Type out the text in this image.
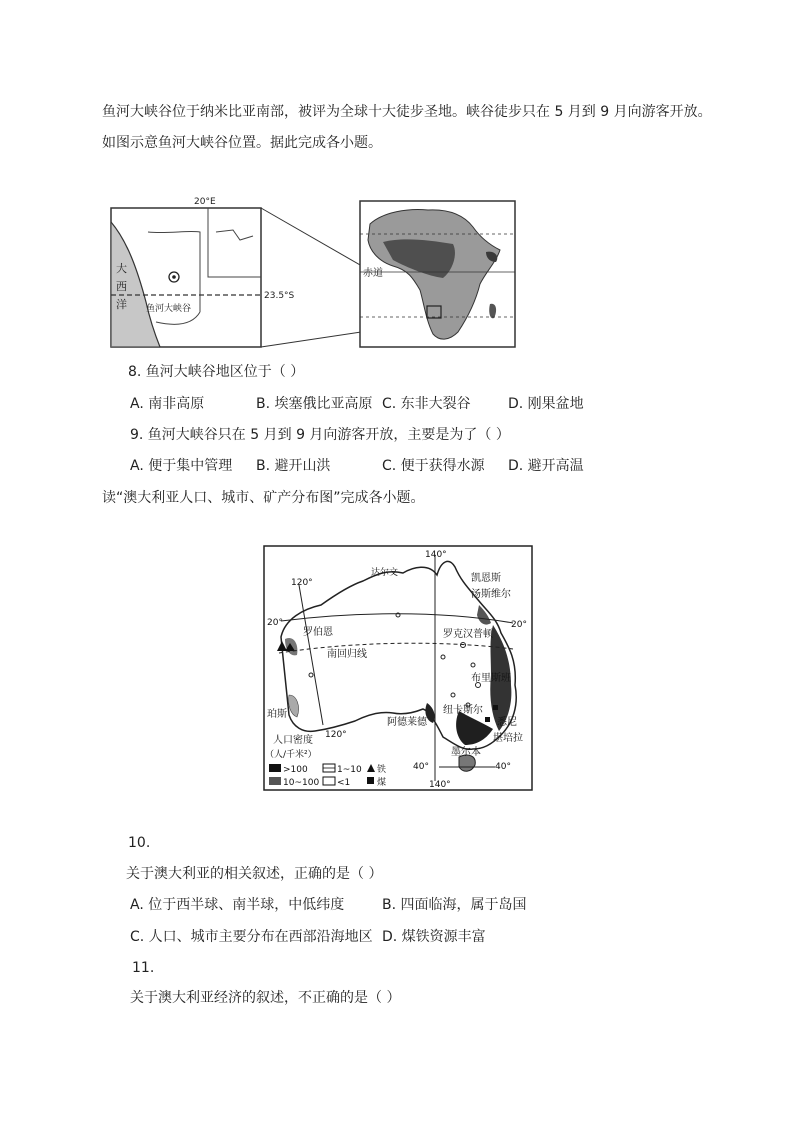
鱼河大峡谷位于纳米比亚南部，被评为全球十大徒步圣地。峡谷徒步只在 5 月到 9 月向游客开放。
如图示意鱼河大峡谷位置。据此完成各小题。
20°E
大
西
洋
23.5°S
鱼河大峡谷
赤道
8. 鱼河大峡谷地区位于（ ）
A. 南非高原	B. 埃塞俄比亚高原 C. 东非大裂谷	D. 刚果盆地
9. 鱼河大峡谷只在 5 月到 9 月向游客开放，主要是为了（ ）
A. 便于集中管理 B. 避开山洪	C. 便于获得水源 D. 避开高温
读“澳大利亚人口、城市、矿产分布图”完成各小题。
120°
140°
20°	20°
达尔文	凯恩斯
汤斯维尔
罗克汉普顿
罗伯恩
南回归线
布里斯班
珀斯
阿德莱德
纽卡斯尔
悉尼
堪培拉
墨尔本
120°
40°	40°
140°
人口密度
（人/千米²）
>100	1~10 铁
10~100 <1	煤
10.
关于澳大利亚的相关叙述，正确的是（ ）
A. 位于西半球、南半球，中低纬度	B. 四面临海，属于岛国
C. 人口、城市主要分布在西部沿海地区 D. 煤铁资源丰富
11.
关于澳大利亚经济的叙述，不正确的是（ ）
